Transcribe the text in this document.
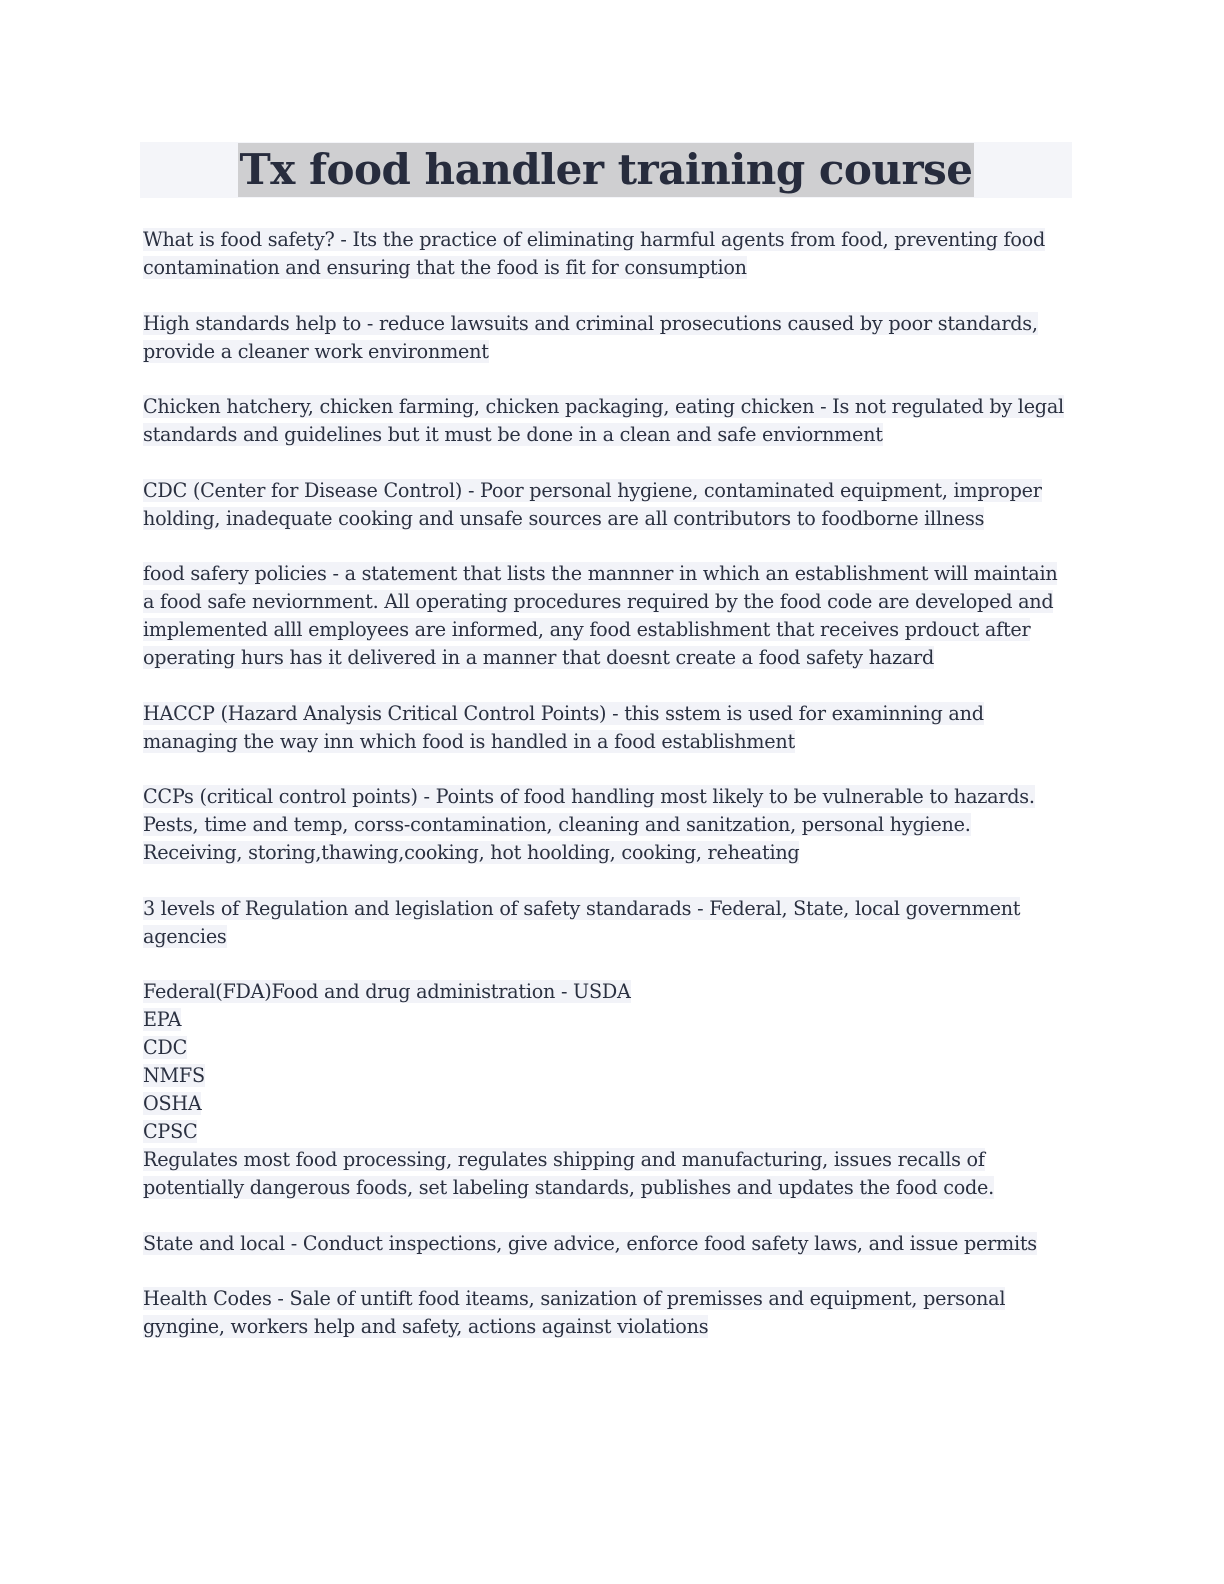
Tx food handler training course

What is food safety? - Its the practice of eliminating harmful agents from food, preventing food contamination and ensuring that the food is fit for consumption

High standards help to - reduce lawsuits and criminal prosecutions caused by poor standards, provide a cleaner work environment

Chicken hatchery, chicken farming, chicken packaging, eating chicken - Is not regulated by legal standards and guidelines but it must be done in a clean and safe enviornment

CDC (Center for Disease Control) - Poor personal hygiene, contaminated equipment, improper holding, inadequate cooking and unsafe sources are all contributors to foodborne illness

food safery policies - a statement that lists the mannner in which an establishment will maintain a food safe neviornment. All operating procedures required by the food code are developed and implemented alll employees are informed, any food establishment that receives prdouct after operating hurs has it delivered in a manner that doesnt create a food safety hazard

HACCP (Hazard Analysis Critical Control Points) - this sstem is used for examinning and managing the way inn which food is handled in a food establishment

CCPs (critical control points) - Points of food handling most likely to be vulnerable to hazards. Pests, time and temp, corss-contamination, cleaning and sanitzation, personal hygiene. Receiving, storing,thawing,cooking, hot hoolding, cooking, reheating

3 levels of Regulation and legislation of safety standarads - Federal, State, local government agencies

Federal(FDA)Food and drug administration - USDA
EPA
CDC
NMFS
OSHA
CPSC
Regulates most food processing, regulates shipping and manufacturing, issues recalls of potentially dangerous foods, set labeling standards, publishes and updates the food code.

State and local - Conduct inspections, give advice, enforce food safety laws, and issue permits

Health Codes - Sale of untift food iteams, sanization of premisses and equipment, personal gyngine, workers help and safety, actions against violations
